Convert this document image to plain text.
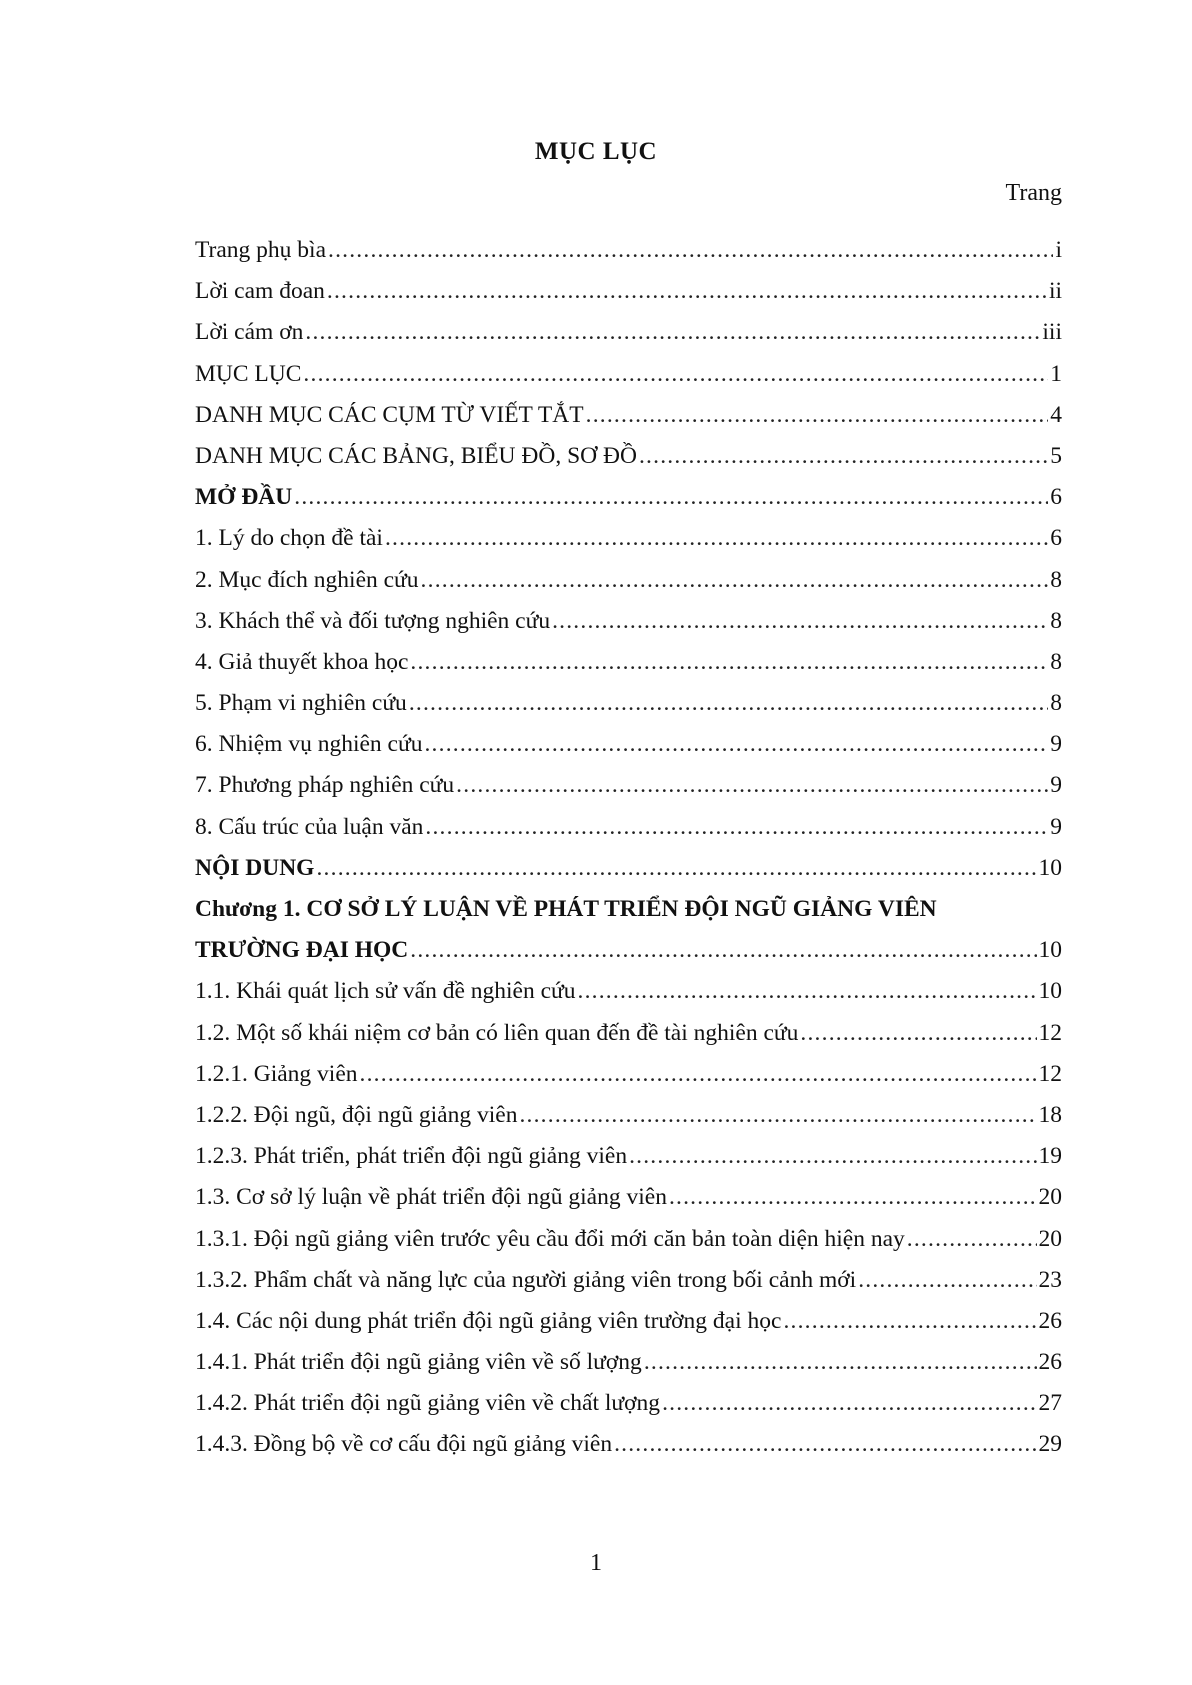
MỤC LỤC
Trang
Trang phụ bìa .....	i
Lời cam đoan .....	ii
Lời cám ơn .....	iii
MỤC LỤC .....	1
DANH MỤC CÁC CỤM TỪ VIẾT TẮT .....	4
DANH MỤC CÁC BẢNG, BIỂU ĐỒ, SƠ ĐỒ .....	5
MỞ ĐẦU .....	6
1. Lý do chọn đề tài .....	6
2. Mục đích nghiên cứu .....	8
3. Khách thể và đối tượng nghiên cứu .....	8
4. Giả thuyết khoa học .....	8
5. Phạm vi nghiên cứu .....	8
6. Nhiệm vụ nghiên cứu .....	9
7. Phương pháp nghiên cứu .....	9
8. Cấu trúc của luận văn .....	9
NỘI DUNG .....	10
Chương 1. CƠ SỞ LÝ LUẬN VỀ PHÁT TRIỂN ĐỘI NGŨ GIẢNG VIÊN
TRƯỜNG ĐẠI HỌC .....	10
1.1. Khái quát lịch sử vấn đề nghiên cứu .....	10
1.2. Một số khái niệm cơ bản có liên quan đến đề tài nghiên cứu .....	12
1.2.1. Giảng viên .....	12
1.2.2. Đội ngũ, đội ngũ giảng viên .....	18
1.2.3. Phát triển, phát triển đội ngũ giảng viên .....	19
1.3. Cơ sở lý luận về phát triển đội ngũ giảng viên .....	20
1.3.1. Đội ngũ giảng viên trước yêu cầu đổi mới căn bản toàn diện hiện nay .....	20
1.3.2. Phẩm chất và năng lực của người giảng viên trong bối cảnh mới .....	23
1.4. Các nội dung phát triển đội ngũ giảng viên trường đại học .....	26
1.4.1. Phát triển đội ngũ giảng viên về số lượng .....	26
1.4.2. Phát triển đội ngũ giảng viên về chất lượng .....	27
1.4.3. Đồng bộ về cơ cấu đội ngũ giảng viên .....	29
1
